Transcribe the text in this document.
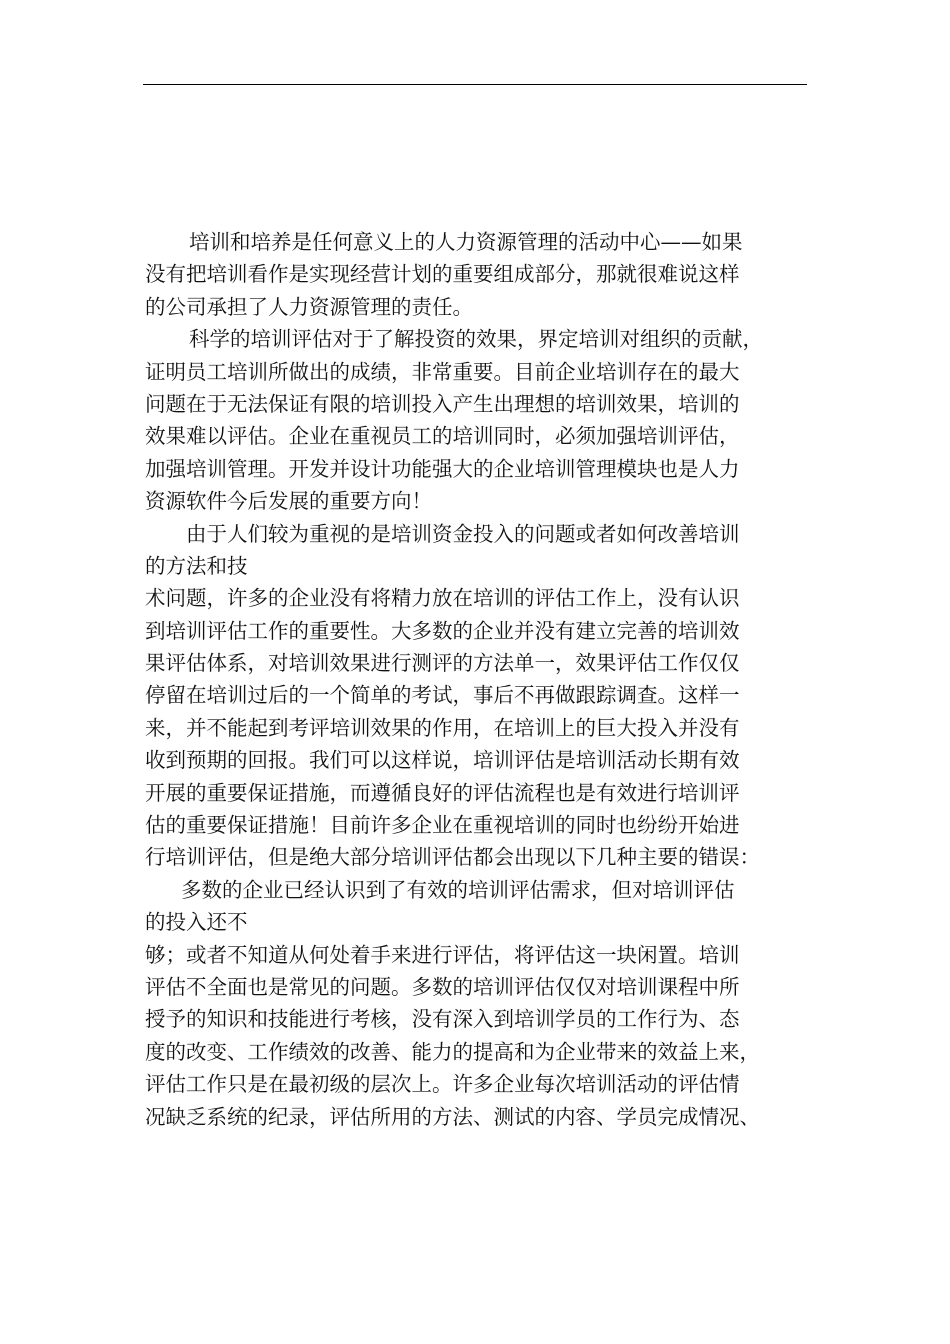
培训和培养是任何意义上的人力资源管理的活动中心——如果
没有把培训看作是实现经营计划的重要组成部分，那就很难说这样
的公司承担了人力资源管理的责任。
科学的培训评估对于了解投资的效果，界定培训对组织的贡献，
证明员工培训所做出的成绩，非常重要。目前企业培训存在的最大
问题在于无法保证有限的培训投入产生出理想的培训效果，培训的
效果难以评估。企业在重视员工的培训同时，必须加强培训评估，
加强培训管理。开发并设计功能强大的企业培训管理模块也是人力
资源软件今后发展的重要方向！
由于人们较为重视的是培训资金投入的问题或者如何改善培训
的方法和技
术问题，许多的企业没有将精力放在培训的评估工作上，没有认识
到培训评估工作的重要性。大多数的企业并没有建立完善的培训效
果评估体系，对培训效果进行测评的方法单一，效果评估工作仅仅
停留在培训过后的一个简单的考试，事后不再做跟踪调查。这样一
来，并不能起到考评培训效果的作用，在培训上的巨大投入并没有
收到预期的回报。我们可以这样说，培训评估是培训活动长期有效
开展的重要保证措施，而遵循良好的评估流程也是有效进行培训评
估的重要保证措施！目前许多企业在重视培训的同时也纷纷开始进
行培训评估，但是绝大部分培训评估都会出现以下几种主要的错误：
多数的企业已经认识到了有效的培训评估需求，但对培训评估
的投入还不
够；或者不知道从何处着手来进行评估，将评估这一块闲置。培训
评估不全面也是常见的问题。多数的培训评估仅仅对培训课程中所
授予的知识和技能进行考核，没有深入到培训学员的工作行为、态
度的改变、工作绩效的改善、能力的提高和为企业带来的效益上来，
评估工作只是在最初级的层次上。许多企业每次培训活动的评估情
况缺乏系统的纪录，评估所用的方法、测试的内容、学员完成情况、
